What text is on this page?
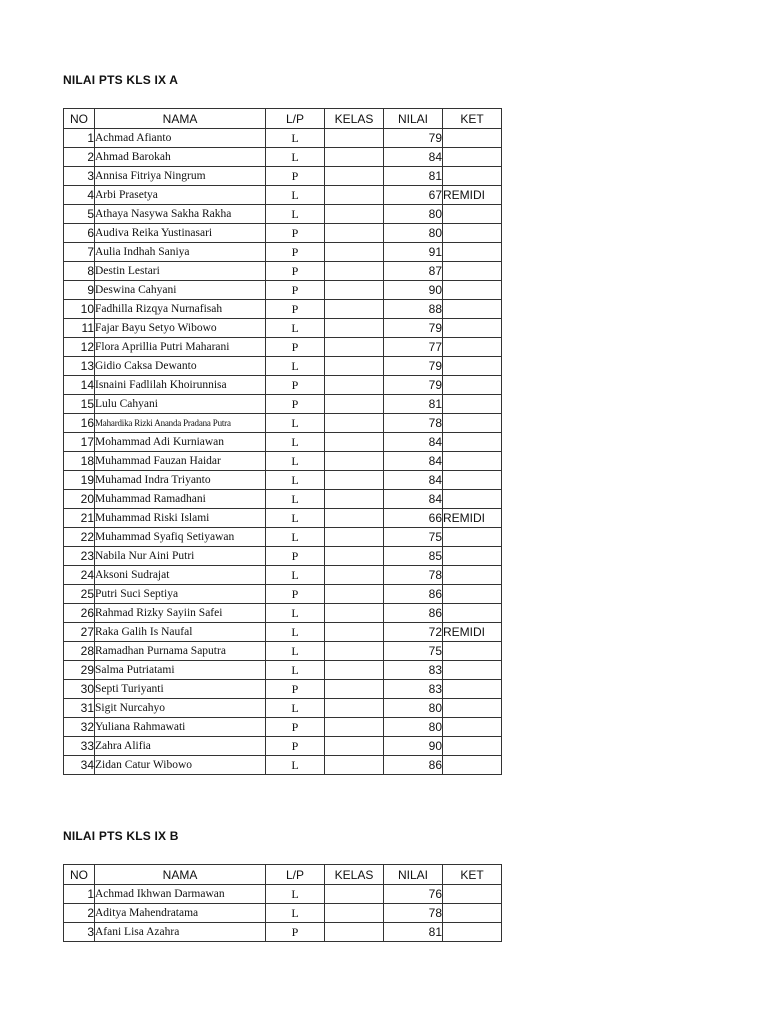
NILAI PTS KLS IX A
NO	NAMA	L/P	KELAS	NILAI	KET
1	Achmad Afianto	L		79	
2	Ahmad Barokah	L		84	
3	Annisa Fitriya Ningrum	P		81	
4	Arbi Prasetya	L		67	REMIDI
5	Athaya Nasywa Sakha Rakha	L		80	
6	Audiva Reika Yustinasari	P		80	
7	Aulia Indhah Saniya	P		91	
8	Destin Lestari	P		87	
9	Deswina Cahyani	P		90	
10	Fadhilla Rizqya Nurnafisah	P		88	
11	Fajar Bayu Setyo Wibowo	L		79	
12	Flora Aprillia Putri Maharani	P		77	
13	Gidio Caksa Dewanto	L		79	
14	Isnaini Fadlilah Khoirunnisa	P		79	
15	Lulu Cahyani	P		81	
16	Mahardika Rizki Ananda Pradana Putra	L		78	
17	Mohammad Adi Kurniawan	L		84	
18	Muhammad Fauzan Haidar	L		84	
19	Muhamad Indra Triyanto	L		84	
20	Muhammad Ramadhani	L		84	
21	Muhammad Riski Islami	L		66	REMIDI
22	Muhammad Syafiq Setiyawan	L		75	
23	Nabila Nur Aini Putri	P		85	
24	Aksoni Sudrajat	L		78	
25	Putri Suci Septiya	P		86	
26	Rahmad Rizky Sayiin Safei	L		86	
27	Raka Galih Is Naufal	L		72	REMIDI
28	Ramadhan Purnama Saputra	L		75	
29	Salma Putriatami	L		83	
30	Septi Turiyanti	P		83	
31	Sigit Nurcahyo	L		80	
32	Yuliana Rahmawati	P		80	
33	Zahra Alifia	P		90	
34	Zidan Catur Wibowo	L		86	
NILAI PTS KLS IX B
NO	NAMA	L/P	KELAS	NILAI	KET
1	Achmad Ikhwan Darmawan	L		76	
2	Aditya Mahendratama	L		78	
3	Afani Lisa Azahra	P		81	
